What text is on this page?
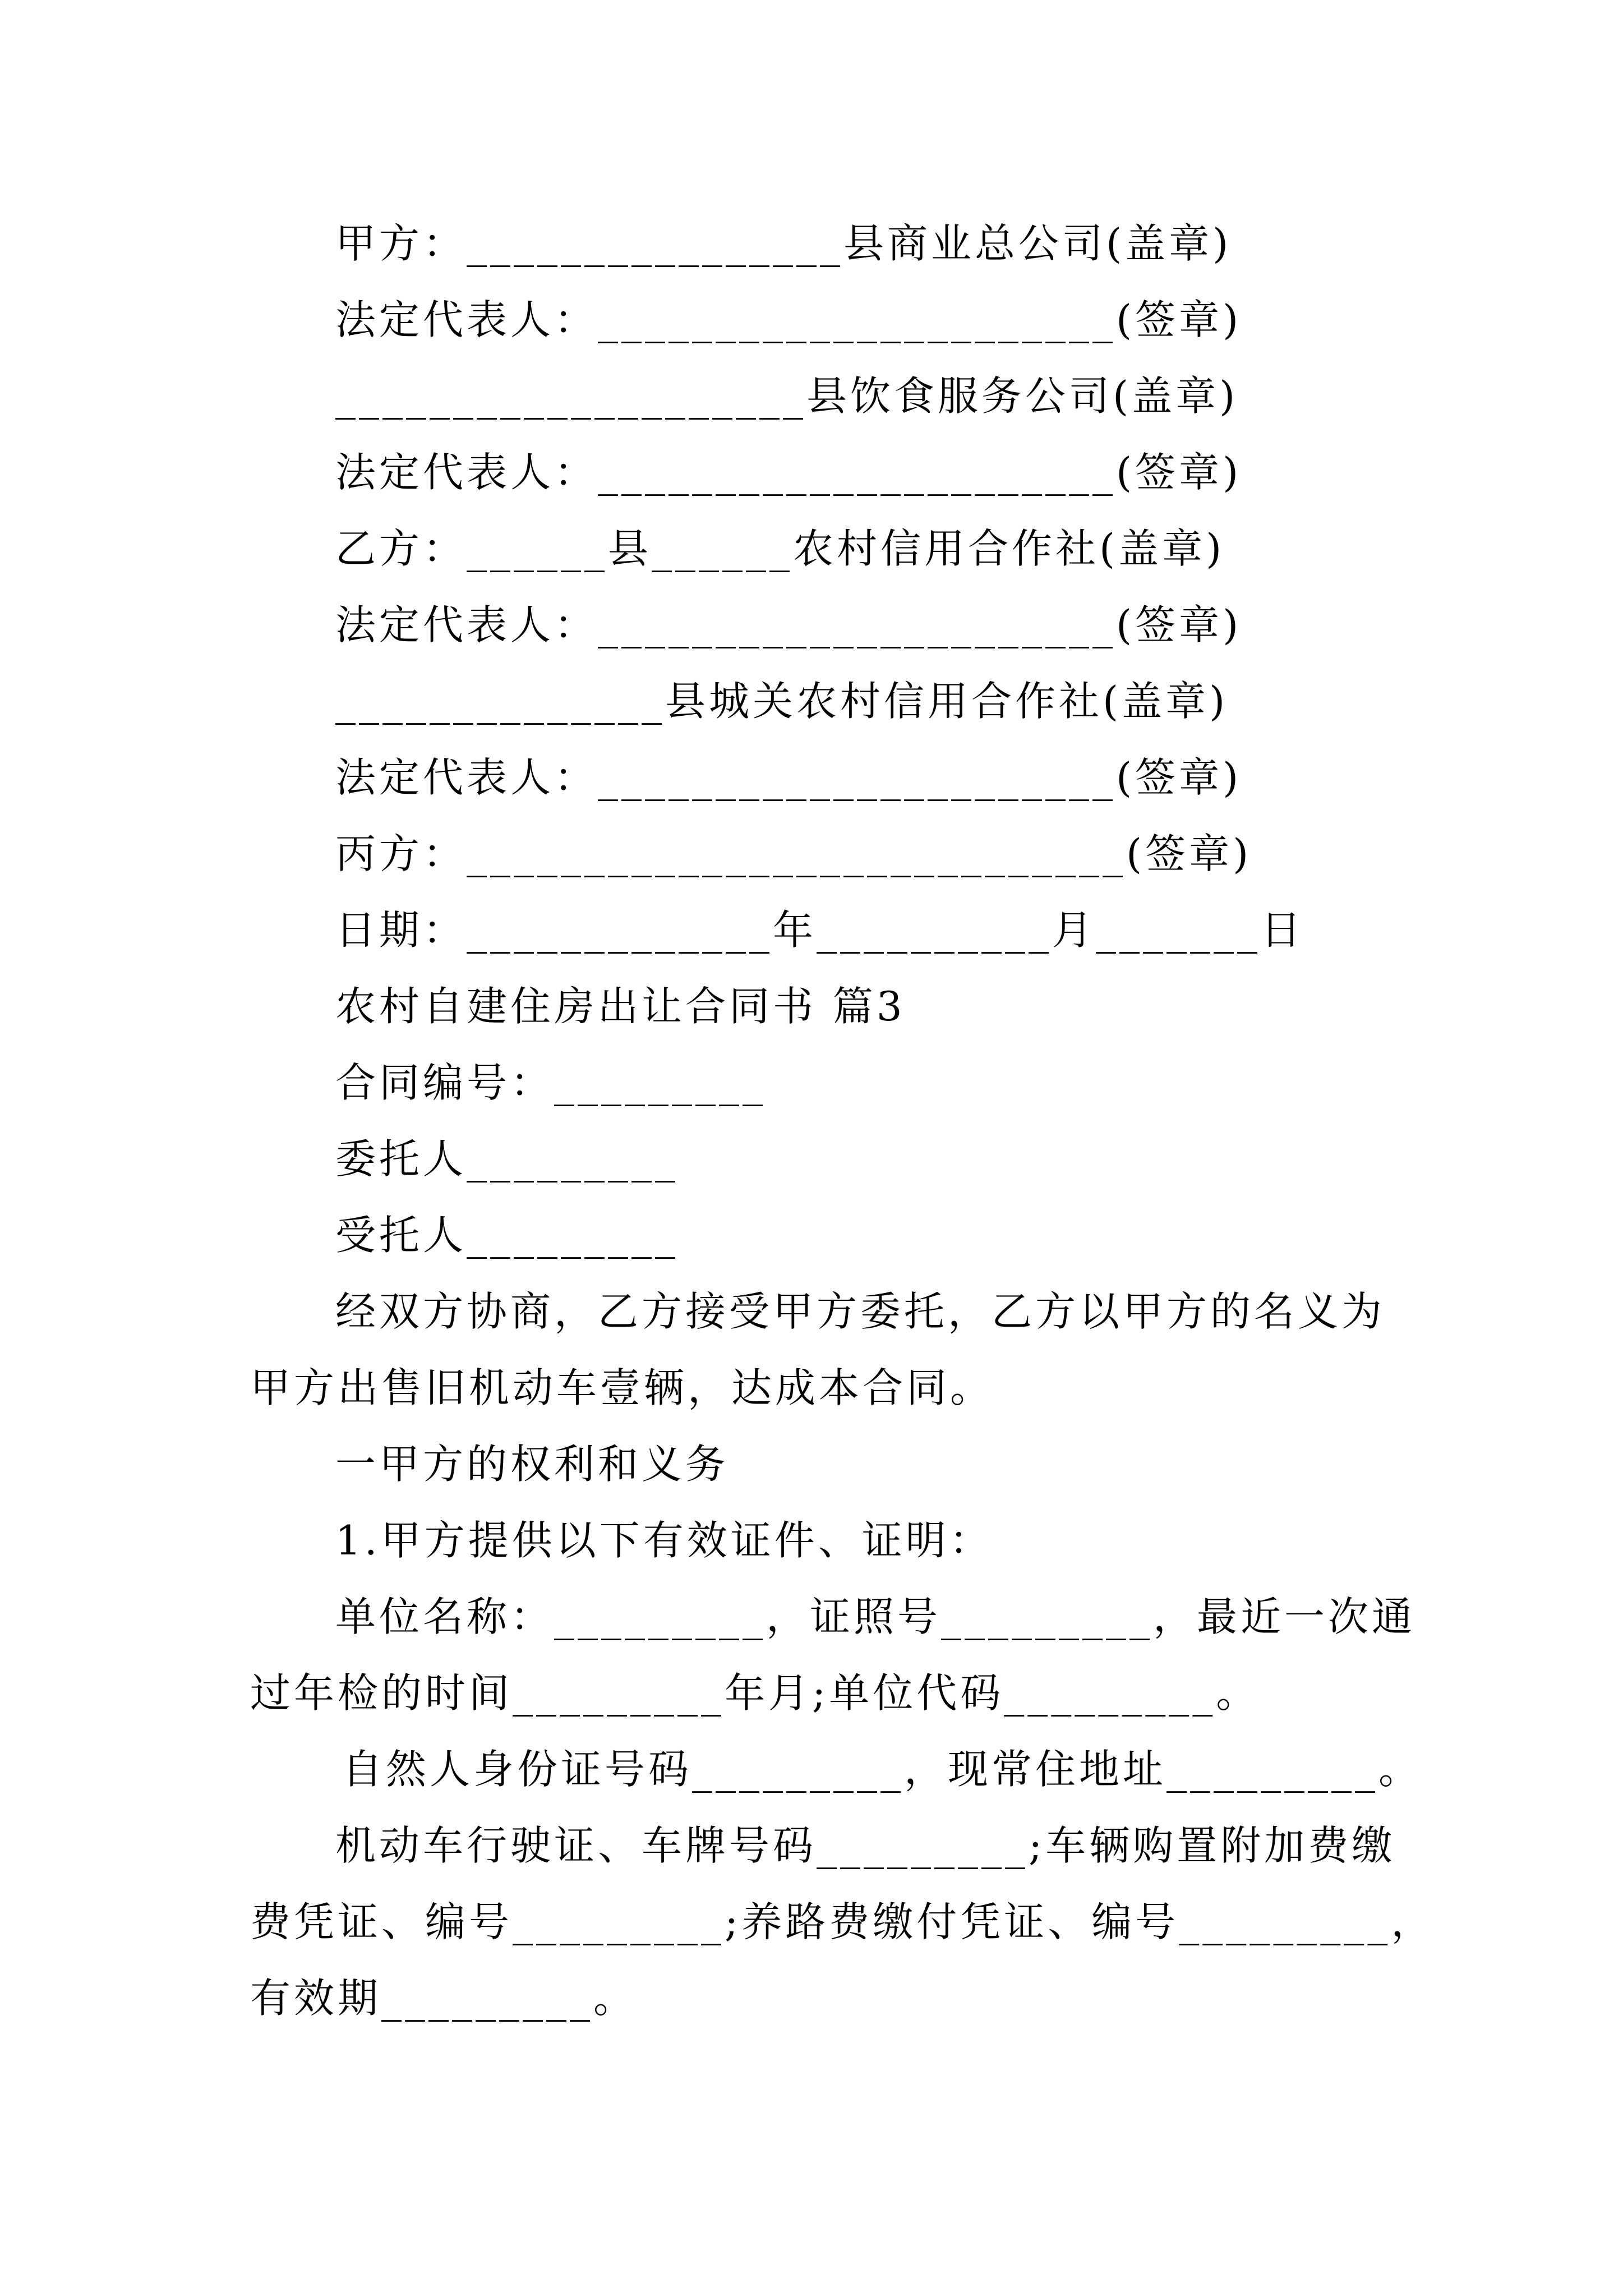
甲方：________________县商业总公司(盖章)
法定代表人：______________________(签章)
____________________县饮食服务公司(盖章)
法定代表人：______________________(签章)
乙方：______县______农村信用合作社(盖章)
法定代表人：______________________(签章)
______________县城关农村信用合作社(盖章)
法定代表人：______________________(签章)
丙方：____________________________(签章)
日期：_____________年__________月_______日
农村自建住房出让合同书 篇3
合同编号：_________
委托人_________
受托人_________
经双方协商，乙方接受甲方委托，乙方以甲方的名义为
甲方出售旧机动车壹辆，达成本合同。
一甲方的权利和义务
1.甲方提供以下有效证件、证明：
单位名称：_________，证照号_________，最近一次通
过年检的时间_________年月;单位代码_________。
自然人身份证号码_________，现常住地址_________。
机动车行驶证、车牌号码_________;车辆购置附加费缴
费凭证、编号_________;养路费缴付凭证、编号_________，
有效期_________。
